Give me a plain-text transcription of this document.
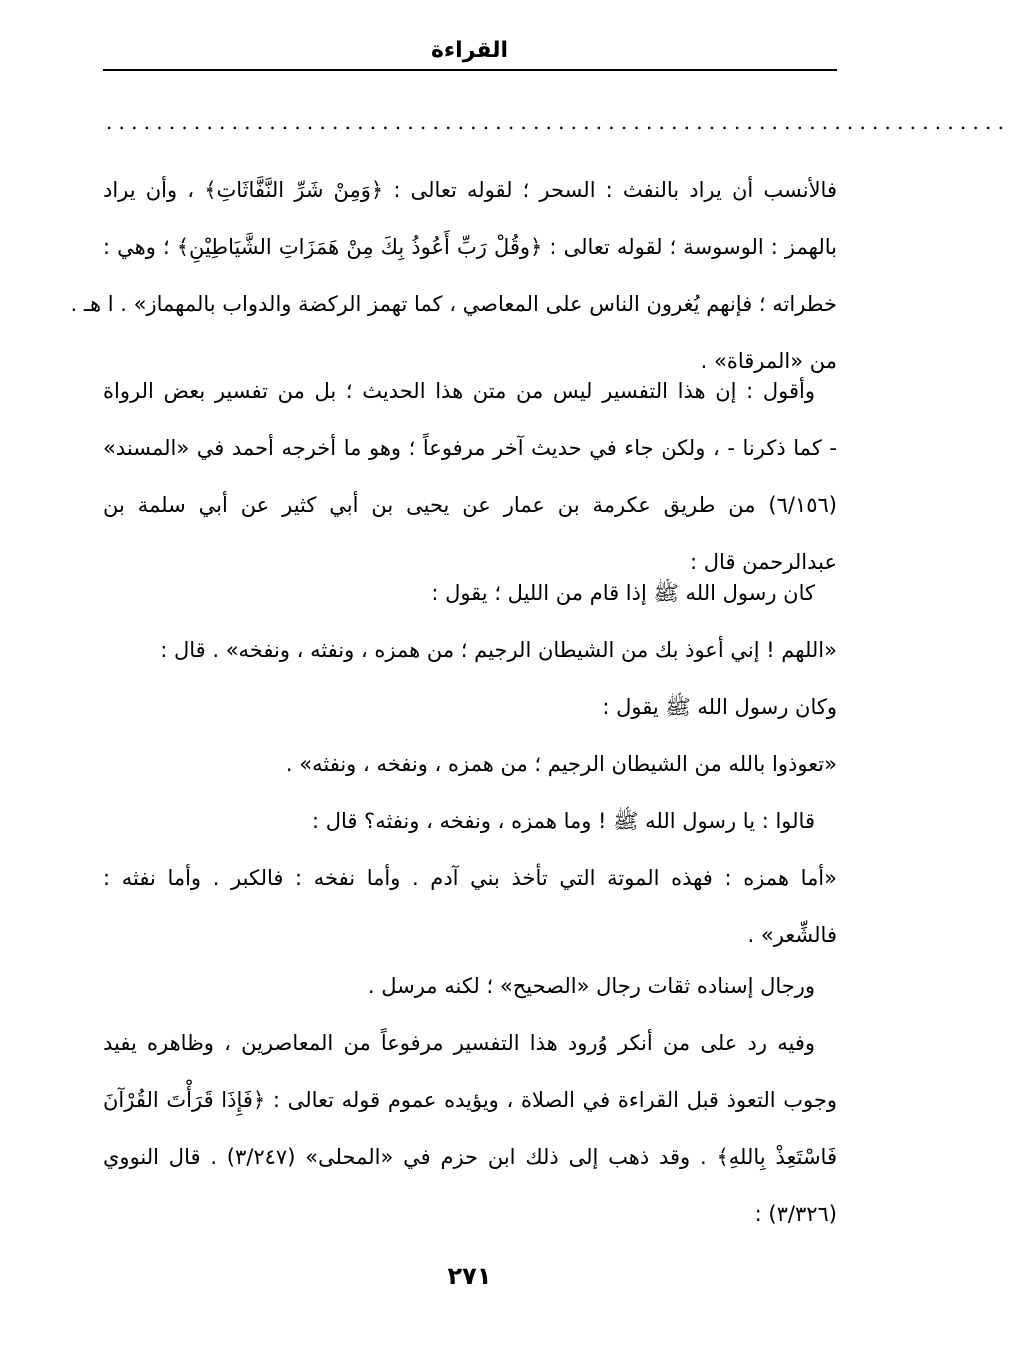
القراءة
........................................................................
فالأنسب أن يراد بالنفث : السحر ؛ لقوله تعالى : ﴿وَمِنْ شَرِّ النَّفَّاثَاتِ﴾ ، وأن يراد
بالهمز : الوسوسة ؛ لقوله تعالى : ﴿وقُلْ رَبِّ أَعُوذُ بِكَ مِنْ هَمَزَاتِ الشَّيَاطِيْنِ﴾ ؛ وهي :
خطراته ؛ فإنهم يُغرون الناس على المعاصي ، كما تهمز الركضة والدواب بالمهماز» . ا هـ .
من «المرقاة» .
وأقول : إن هذا التفسير ليس من متن هذا الحديث ؛ بل من تفسير بعض الرواة
- كما ذكرنا - ، ولكن جاء في حديث آخر مرفوعاً ؛ وهو ما أخرجه أحمد في «المسند»
(٦/١٥٦) من طريق عكرمة بن عمار عن يحيى بن أبي كثير عن أبي سلمة بن
عبدالرحمن قال :
كان رسول الله ﷺ إذا قام من الليل ؛ يقول :
«اللهم ! إني أعوذ بك من الشيطان الرجيم ؛ من همزه ، ونفثه ، ونفخه» . قال :
وكان رسول الله ﷺ يقول :
«تعوذوا بالله من الشيطان الرجيم ؛ من همزه ، ونفخه ، ونفثه» .
قالوا : يا رسول الله ﷺ ! وما همزه ، ونفخه ، ونفثه؟ قال :
«أما همزه : فهذه الموتة التي تأخذ بني آدم . وأما نفخه : فالكبر . وأما نفثه :
فالشِّعر» .
ورجال إسناده ثقات رجال «الصحيح» ؛ لكنه مرسل .
وفيه رد على من أنكر وُرود هذا التفسير مرفوعاً من المعاصرين ، وظاهره يفيد
وجوب التعوذ قبل القراءة في الصلاة ، ويؤيده عموم قوله تعالى : ﴿فَإِذَا قَرَأْتَ القُرْآنَ
فَاسْتَعِذْ بِاللهِ﴾ . وقد ذهب إلى ذلك ابن حزم في «المحلى» (٣/٢٤٧) . قال النووي
(٣/٣٢٦) :
٢٧١
